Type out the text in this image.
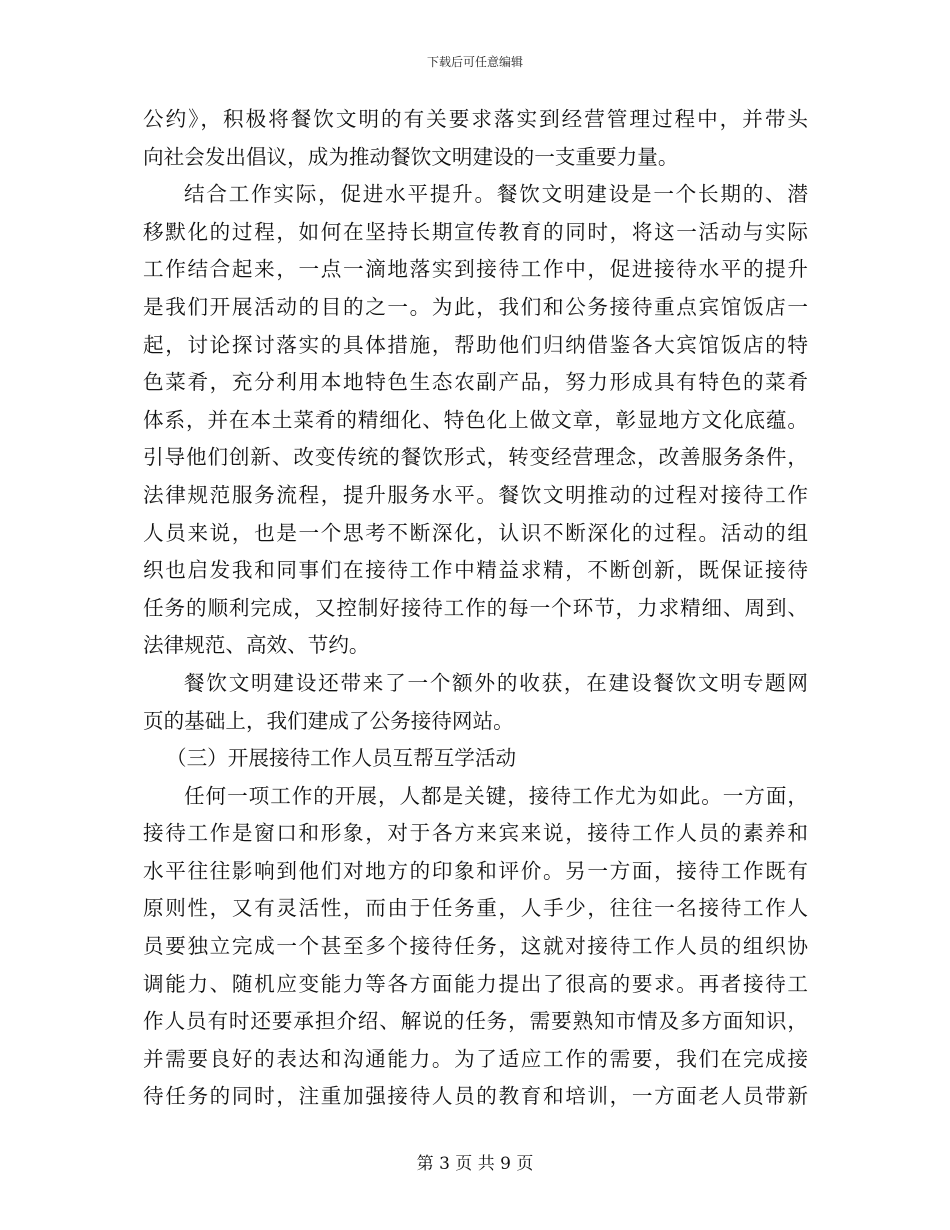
下载后可任意编辑
公约》，积极将餐饮文明的有关要求落实到经营管理过程中，并带头
向社会发出倡议，成为推动餐饮文明建设的一支重要力量。
结合工作实际，促进水平提升。餐饮文明建设是一个长期的、潜
移默化的过程，如何在坚持长期宣传教育的同时，将这一活动与实际
工作结合起来，一点一滴地落实到接待工作中，促进接待水平的提升
是我们开展活动的目的之一。为此，我们和公务接待重点宾馆饭店一
起，讨论探讨落实的具体措施，帮助他们归纳借鉴各大宾馆饭店的特
色菜肴，充分利用本地特色生态农副产品，努力形成具有特色的菜肴
体系，并在本土菜肴的精细化、特色化上做文章，彰显地方文化底蕴。
引导他们创新、改变传统的餐饮形式，转变经营理念，改善服务条件，
法律规范服务流程，提升服务水平。餐饮文明推动的过程对接待工作
人员来说，也是一个思考不断深化，认识不断深化的过程。活动的组
织也启发我和同事们在接待工作中精益求精，不断创新，既保证接待
任务的顺利完成，又控制好接待工作的每一个环节，力求精细、周到、
法律规范、高效、节约。
餐饮文明建设还带来了一个额外的收获，在建设餐饮文明专题网
页的基础上，我们建成了公务接待网站。
（三）开展接待工作人员互帮互学活动
任何一项工作的开展，人都是关键，接待工作尤为如此。一方面，
接待工作是窗口和形象，对于各方来宾来说，接待工作人员的素养和
水平往往影响到他们对地方的印象和评价。另一方面，接待工作既有
原则性，又有灵活性，而由于任务重，人手少，往往一名接待工作人
员要独立完成一个甚至多个接待任务，这就对接待工作人员的组织协
调能力、随机应变能力等各方面能力提出了很高的要求。再者接待工
作人员有时还要承担介绍、解说的任务，需要熟知市情及多方面知识，
并需要良好的表达和沟通能力。为了适应工作的需要，我们在完成接
待任务的同时，注重加强接待人员的教育和培训，一方面老人员带新
第 3 页 共 9 页
